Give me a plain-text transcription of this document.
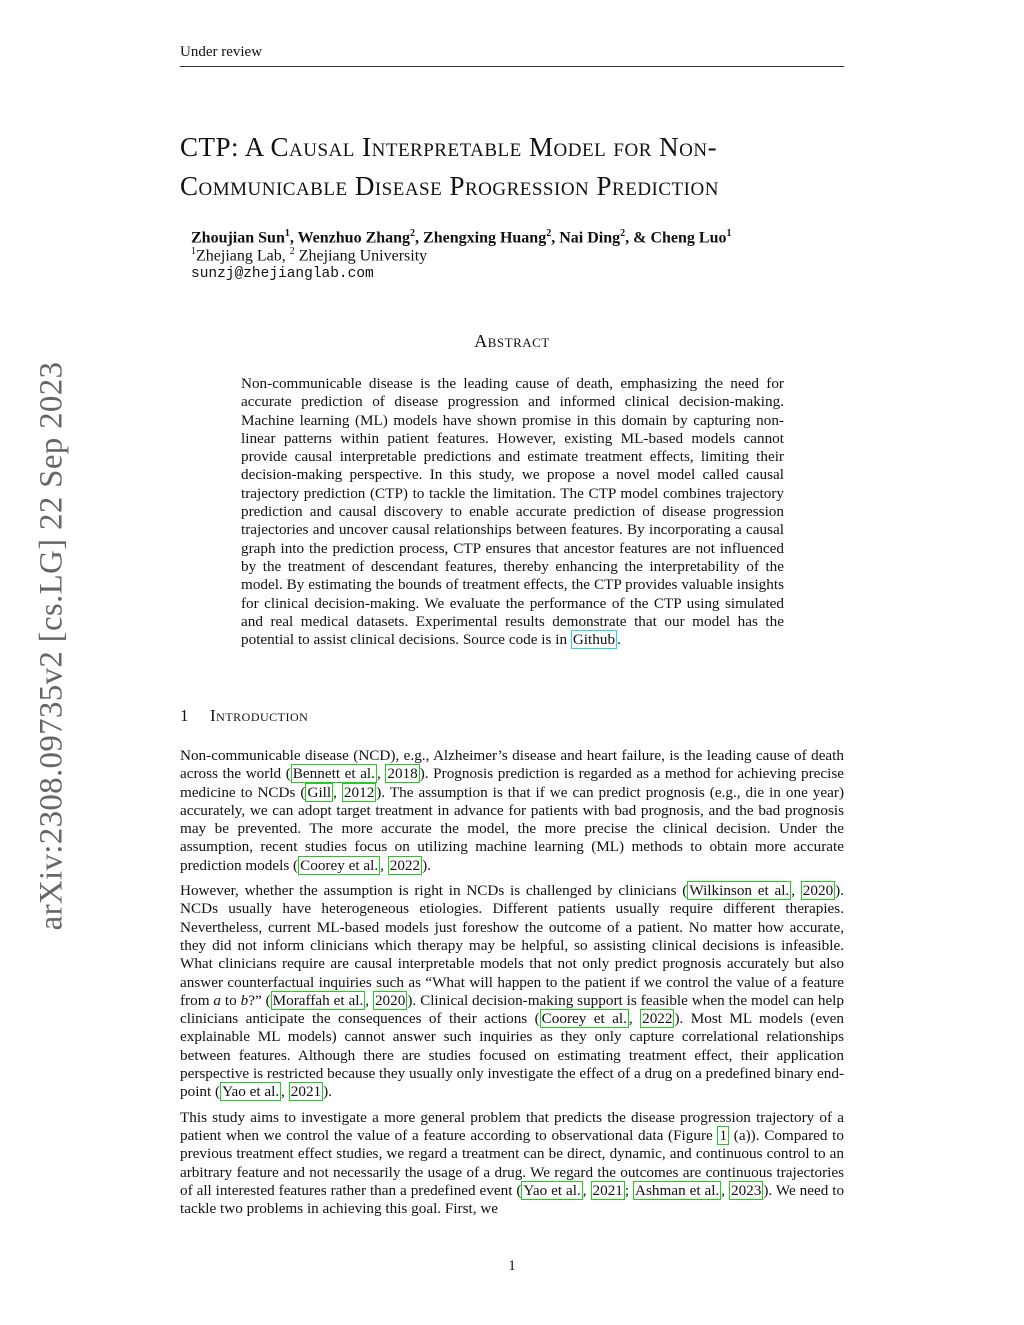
Under review
arXiv:2308.09735v2 [cs.LG] 22 Sep 2023
CTP: A Causal Interpretable Model for Non-
Communicable Disease Progression Prediction
Zhoujian Sun$^1$, Wenzhuo Zhang$^2$, Zhengxing Huang$^2$, Nai Ding$^2$, & Cheng Luo$^1$
$^1$Zhejiang Lab, $^2$ Zhejiang University
sunzj@zhejianglab.com
Abstract
Non-communicable disease is the leading cause of death, emphasizing the need for accurate prediction of disease progression and informed clinical decision-making. Machine learning (ML) models have shown promise in this domain by capturing non-linear patterns within patient features. However, existing ML-based models cannot provide causal interpretable predictions and estimate treatment effects, limiting their decision-making perspective. In this study, we propose a novel model called causal trajectory prediction (CTP) to tackle the limitation. The CTP model combines trajectory prediction and causal discovery to enable accurate prediction of disease progression trajectories and uncover causal relationships between features. By incorporating a causal graph into the prediction process, CTP ensures that ancestor features are not influenced by the treatment of descendant features, thereby enhancing the interpretability of the model. By estimating the bounds of treatment effects, the CTP provides valuable insights for clinical decision-making. We evaluate the performance of the CTP using simulated and real medical datasets. Experimental results demonstrate that our model has the potential to assist clinical decisions. Source code is in Github .
1 Introduction

Non-communicable disease (NCD), e.g., Alzheimer’s disease and heart failure, is the leading cause of death across the world ( Bennett et al. , 2018 ). Prognosis prediction is regarded as a method for achieving precise medicine to NCDs ( Gill , 2012 ). The assumption is that if we can predict prognosis (e.g., die in one year) accurately, we can adopt target treatment in advance for patients with bad prognosis, and the bad prognosis may be prevented. The more accurate the model, the more precise the clinical decision. Under the assumption, recent studies focus on utilizing machine learning (ML) methods to obtain more accurate prediction models ( Coorey et al. , 2022 ).

However, whether the assumption is right in NCDs is challenged by clinicians ( Wilkinson et al. , 2020 ). NCDs usually have heterogeneous etiologies. Different patients usually require different therapies. Nevertheless, current ML-based models just foreshow the outcome of a patient. No matter how accurate, they did not inform clinicians which therapy may be helpful, so assisting clinical decisions is infeasible. What clinicians require are causal interpretable models that not only predict prognosis accurately but also answer counterfactual inquiries such as “What will happen to the patient if we control the value of a feature from a to b?” ( Moraffah et al. , 2020 ). Clinical decision-making support is feasible when the model can help clinicians anticipate the consequences of their actions ( Coorey et al. , 2022 ). Most ML models (even explainable ML models) cannot answer such inquiries as they only capture correlational relationships between features. Although there are studies focused on estimating treatment effect, their application perspective is restricted because they usually only investigate the effect of a drug on a predefined binary end-point ( Yao et al. , 2021 ).

This study aims to investigate a more general problem that predicts the disease progression trajectory of a patient when we control the value of a feature according to observational data (Figure 1 (a)). Compared to previous treatment effect studies, we regard a treatment can be direct, dynamic, and continuous control to an arbitrary feature and not necessarily the usage of a drug. We regard the outcomes are continuous trajectories of all interested features rather than a predefined event ( Yao et al. , 2021 ; Ashman et al. , 2023 ). We need to tackle two problems in achieving this goal. First, we

1
